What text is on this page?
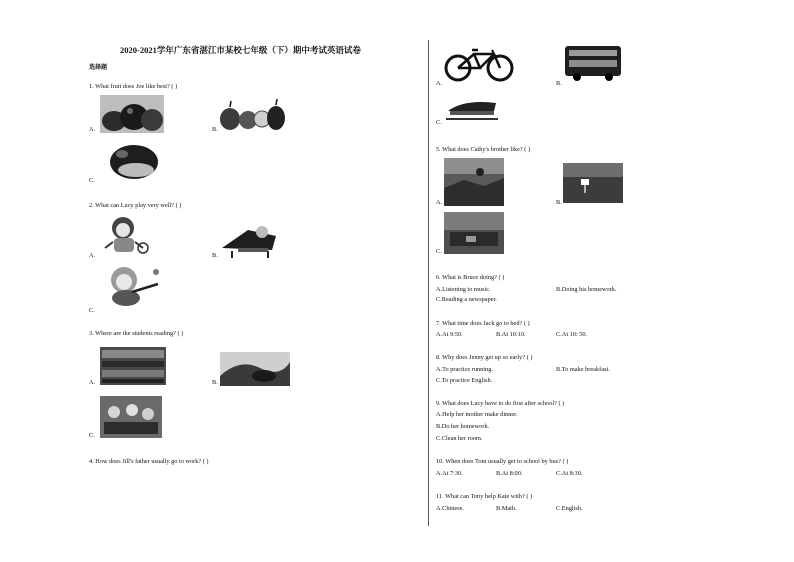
2020-2021学年广东省湛江市某校七年级（下）期中考试英语试卷
选择题
1. What fruit does Joe like best? ( )
A.	B.
C.
2. What can Lucy play very well? ( )
A.	B.
C.
3. Where are the students reading? ( )
A.	B.
C.
4. How does Jill's father usually go to work? ( )
A.	B.
C.
5. What does Cathy's brother like? ( )
A.	B.
C.
6. What is Bruce doing? ( )
A.Listening to music.	B.Doing his homework.
C.Reading a newspaper.
7. What time does Jack go to bed? ( )
A.At 9:50.	B.At 10:10.	C.At 10: 50.
8. Why does Jenny get up so early? ( )
A.To practice running.	B.To make breakfast.
C.To practice English.
9. What does Lucy have to do first after school? ( )
A.Help her mother make dinner.
B.Do her homework.
C.Clean her room.
10. When does Tom usually get to school by bus? ( )
A.At 7:30.	B.At 8:00.	C.At 8:30.
11. What can Tony help Kate with? ( )
A.Chinese.	B.Math.	C.English.
